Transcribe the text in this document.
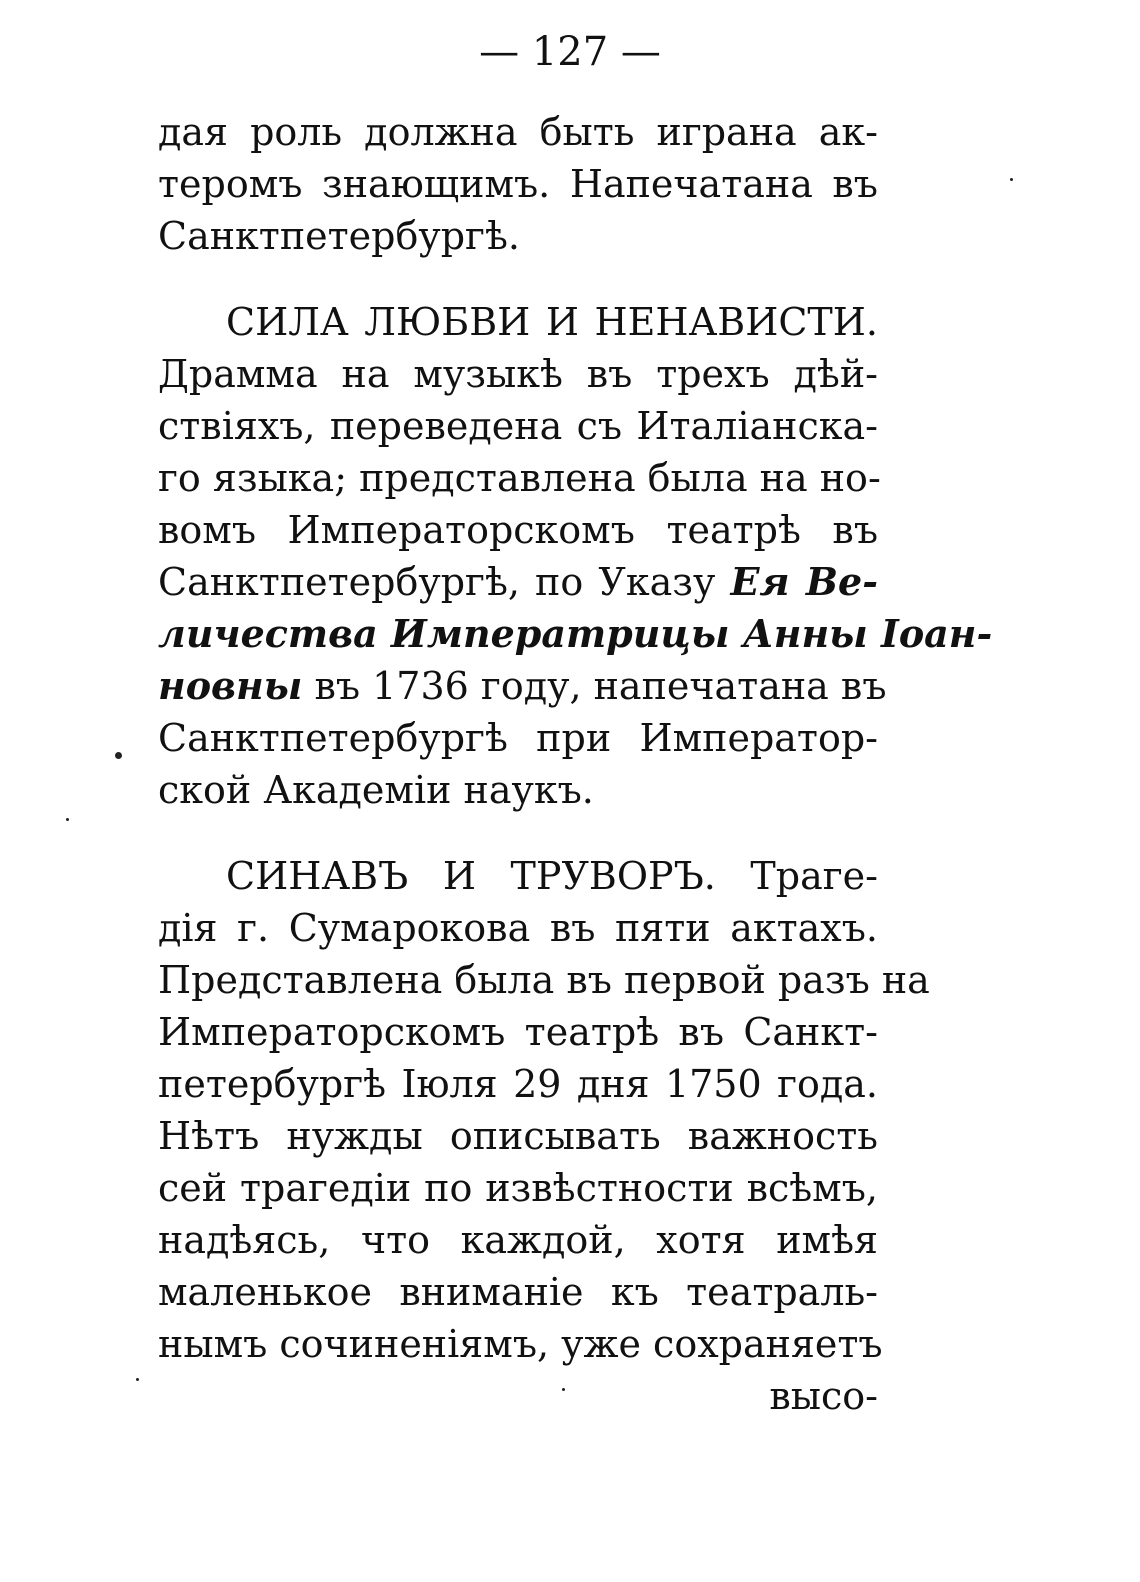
— 127 —
дая роль должна быть играна ак-
теромъ знающимъ. Напечатана въ
Санктпетербургѣ.
СИЛА ЛЮБВИ И НЕНАВИСТИ.
Драмма на музыкѣ въ трехъ дѣй-
ствіяхъ, переведена съ Италіанска-
го языка; представлена была на но-
вомъ Императорскомъ театрѣ въ
Санктпетербургѣ, по Указу Ея Ве-
личества Императрицы Анны Іоан-
новны въ 1736 году, напечатана въ
Санктпетербургѣ при Император-
ской Академіи наукъ.
СИНАВЪ И ТРУВОРЪ. Траге-
дія г. Сумарокова въ пяти актахъ.
Представлена была въ первой разъ на
Императорскомъ театрѣ въ Санкт-
петербургѣ Іюля 29 дня 1750 года.
Нѣтъ нужды описывать важность
сей трагедіи по извѣстности всѣмъ,
надѣясь, что каждой, хотя имѣя
маленькое вниманіе къ театраль-
нымъ сочиненіямъ, уже сохраняетъ
высо-
